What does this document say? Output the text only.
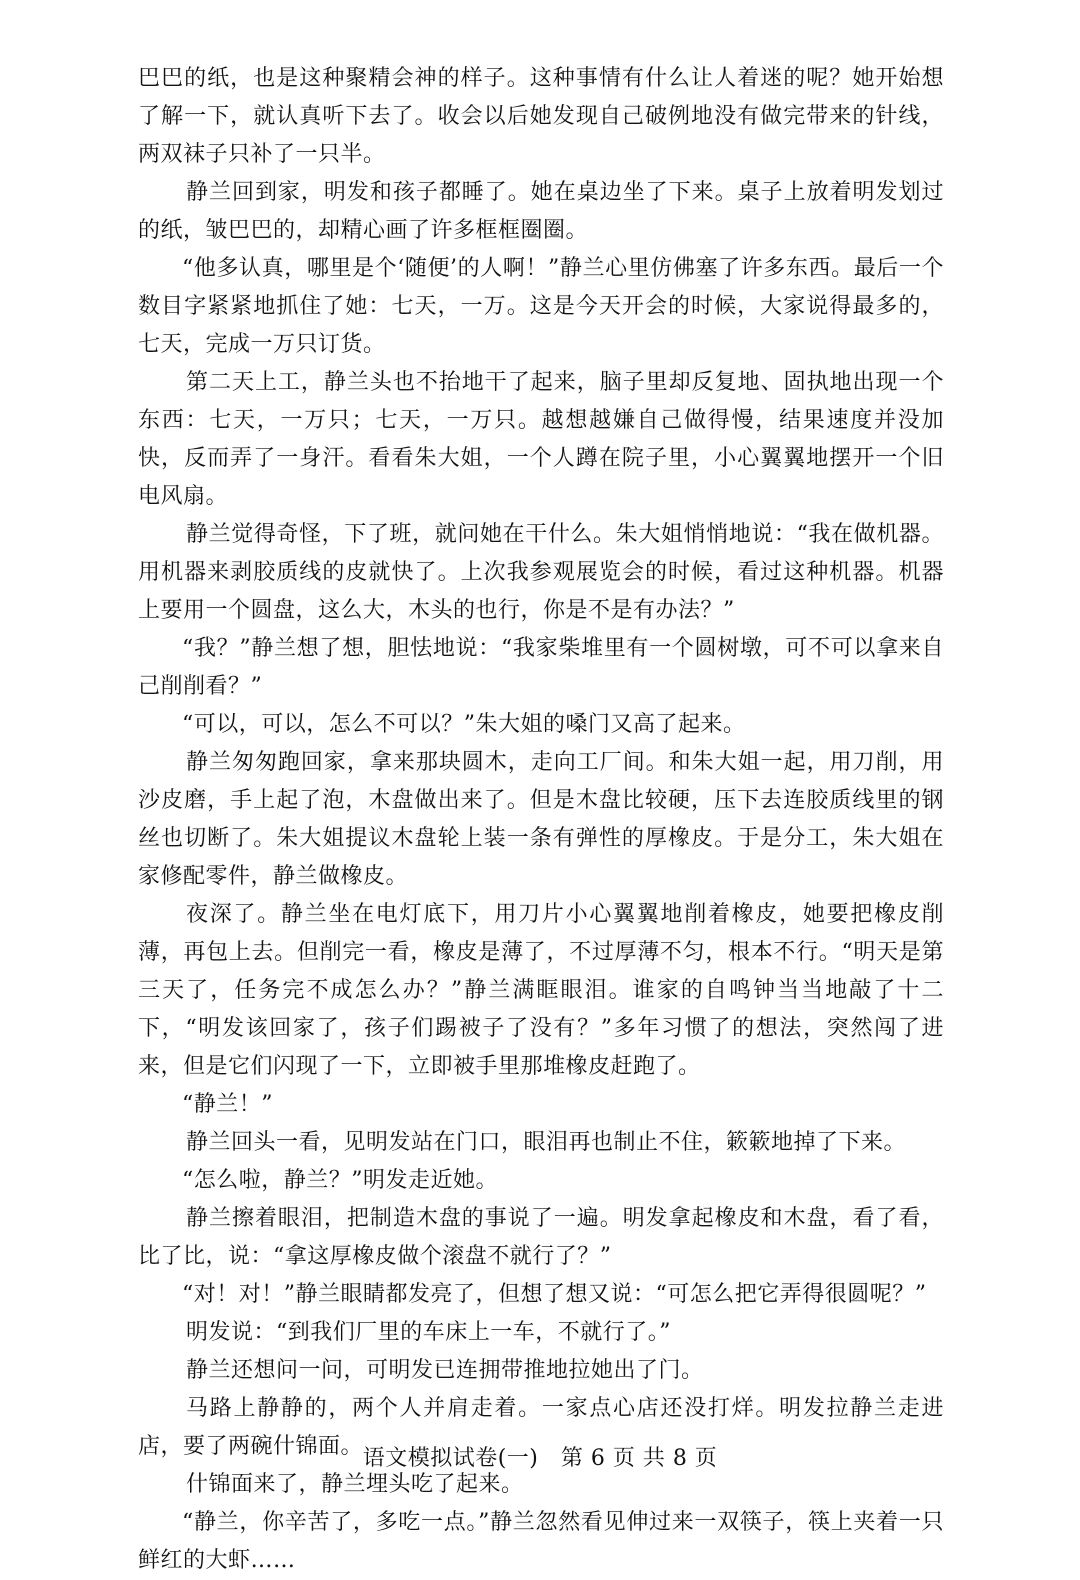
巴巴的纸，也是这种聚精会神的样子。这种事情有什么让人着迷的呢？她开始想了解一下，就认真听下去了。收会以后她发现自己破例地没有做完带来的针线，两双袜子只补了一只半。

静兰回到家，明发和孩子都睡了。她在桌边坐了下来。桌子上放着明发划过的纸，皱巴巴的，却精心画了许多框框圈圈。

“他多认真，哪里是个‘随便’的人啊！”静兰心里仿佛塞了许多东西。最后一个数目字紧紧地抓住了她：七天，一万。这是今天开会的时候，大家说得最多的，七天，完成一万只订货。

第二天上工，静兰头也不抬地干了起来，脑子里却反复地、固执地出现一个东西：七天，一万只；七天，一万只。越想越嫌自己做得慢，结果速度并没加快，反而弄了一身汗。看看朱大姐，一个人蹲在院子里，小心翼翼地摆开一个旧电风扇。

静兰觉得奇怪，下了班，就问她在干什么。朱大姐悄悄地说：“我在做机器。用机器来剥胶质线的皮就快了。上次我参观展览会的时候，看过这种机器。机器上要用一个圆盘，这么大，木头的也行，你是不是有办法？”

“我？”静兰想了想，胆怯地说：“我家柴堆里有一个圆树墩，可不可以拿来自己削削看？”

“可以，可以，怎么不可以？”朱大姐的嗓门又高了起来。

静兰匆匆跑回家，拿来那块圆木，走向工厂间。和朱大姐一起，用刀削，用沙皮磨，手上起了泡，木盘做出来了。但是木盘比较硬，压下去连胶质线里的钢丝也切断了。朱大姐提议木盘轮上装一条有弹性的厚橡皮。于是分工，朱大姐在家修配零件，静兰做橡皮。

夜深了。静兰坐在电灯底下，用刀片小心翼翼地削着橡皮，她要把橡皮削薄，再包上去。但削完一看，橡皮是薄了，不过厚薄不匀，根本不行。“明天是第三天了，任务完不成怎么办？”静兰满眶眼泪。谁家的自鸣钟当当地敲了十二下，“明发该回家了，孩子们踢被子了没有？”多年习惯了的想法，突然闯了进来，但是它们闪现了一下，立即被手里那堆橡皮赶跑了。

“静兰！”

静兰回头一看，见明发站在门口，眼泪再也制止不住，簌簌地掉了下来。

“怎么啦，静兰？”明发走近她。

静兰擦着眼泪，把制造木盘的事说了一遍。明发拿起橡皮和木盘，看了看，比了比，说：“拿这厚橡皮做个滚盘不就行了？”

“对！对！”静兰眼睛都发亮了，但想了想又说：“可怎么把它弄得很圆呢？”

明发说：“到我们厂里的车床上一车，不就行了。”

静兰还想问一问，可明发已连拥带推地拉她出了门。

马路上静静的，两个人并肩走着。一家点心店还没打烊。明发拉静兰走进店，要了两碗什锦面。

什锦面来了，静兰埋头吃了起来。

“静兰，你辛苦了，多吃一点。”静兰忽然看见伸过来一双筷子，筷上夹着一只鲜红的大虾……

语文模拟试卷(一) 第 6 页 共 8 页
